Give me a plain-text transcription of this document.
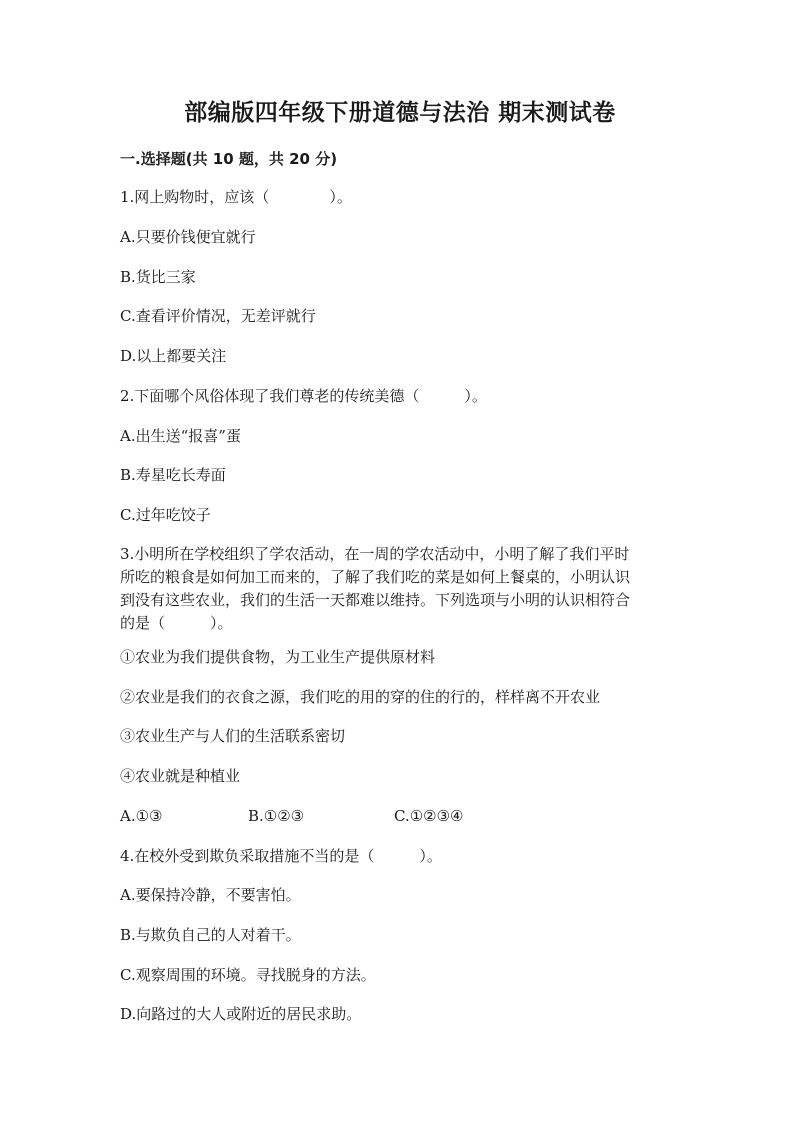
部编版四年级下册道德与法治 期末测试卷
一.选择题(共 10 题，共 20 分)
1.网上购物时，应该（　　　　）。
A.只要价钱便宜就行
B.货比三家
C.查看评价情况，无差评就行
D.以上都要关注
2.下面哪个风俗体现了我们尊老的传统美德（　　　）。
A.出生送“报喜”蛋
B.寿星吃长寿面
C.过年吃饺子
3.小明所在学校组织了学农活动，在一周的学农活动中，小明了解了我们平时
所吃的粮食是如何加工而来的，了解了我们吃的菜是如何上餐桌的，小明认识
到没有这些农业，我们的生活一天都难以维持。下列选项与小明的认识相符合
的是（　　　）。
①农业为我们提供食物，为工业生产提供原材料
②农业是我们的衣食之源，我们吃的用的穿的住的行的，样样离不开农业
③农业生产与人们的生活联系密切
④农业就是种植业
A.①③	B.①②③	C.①②③④
4.在校外受到欺负采取措施不当的是（　　　）。
A.要保持冷静，不要害怕。
B.与欺负自己的人对着干。
C.观察周围的环境。寻找脱身的方法。
D.向路过的大人或附近的居民求助。
